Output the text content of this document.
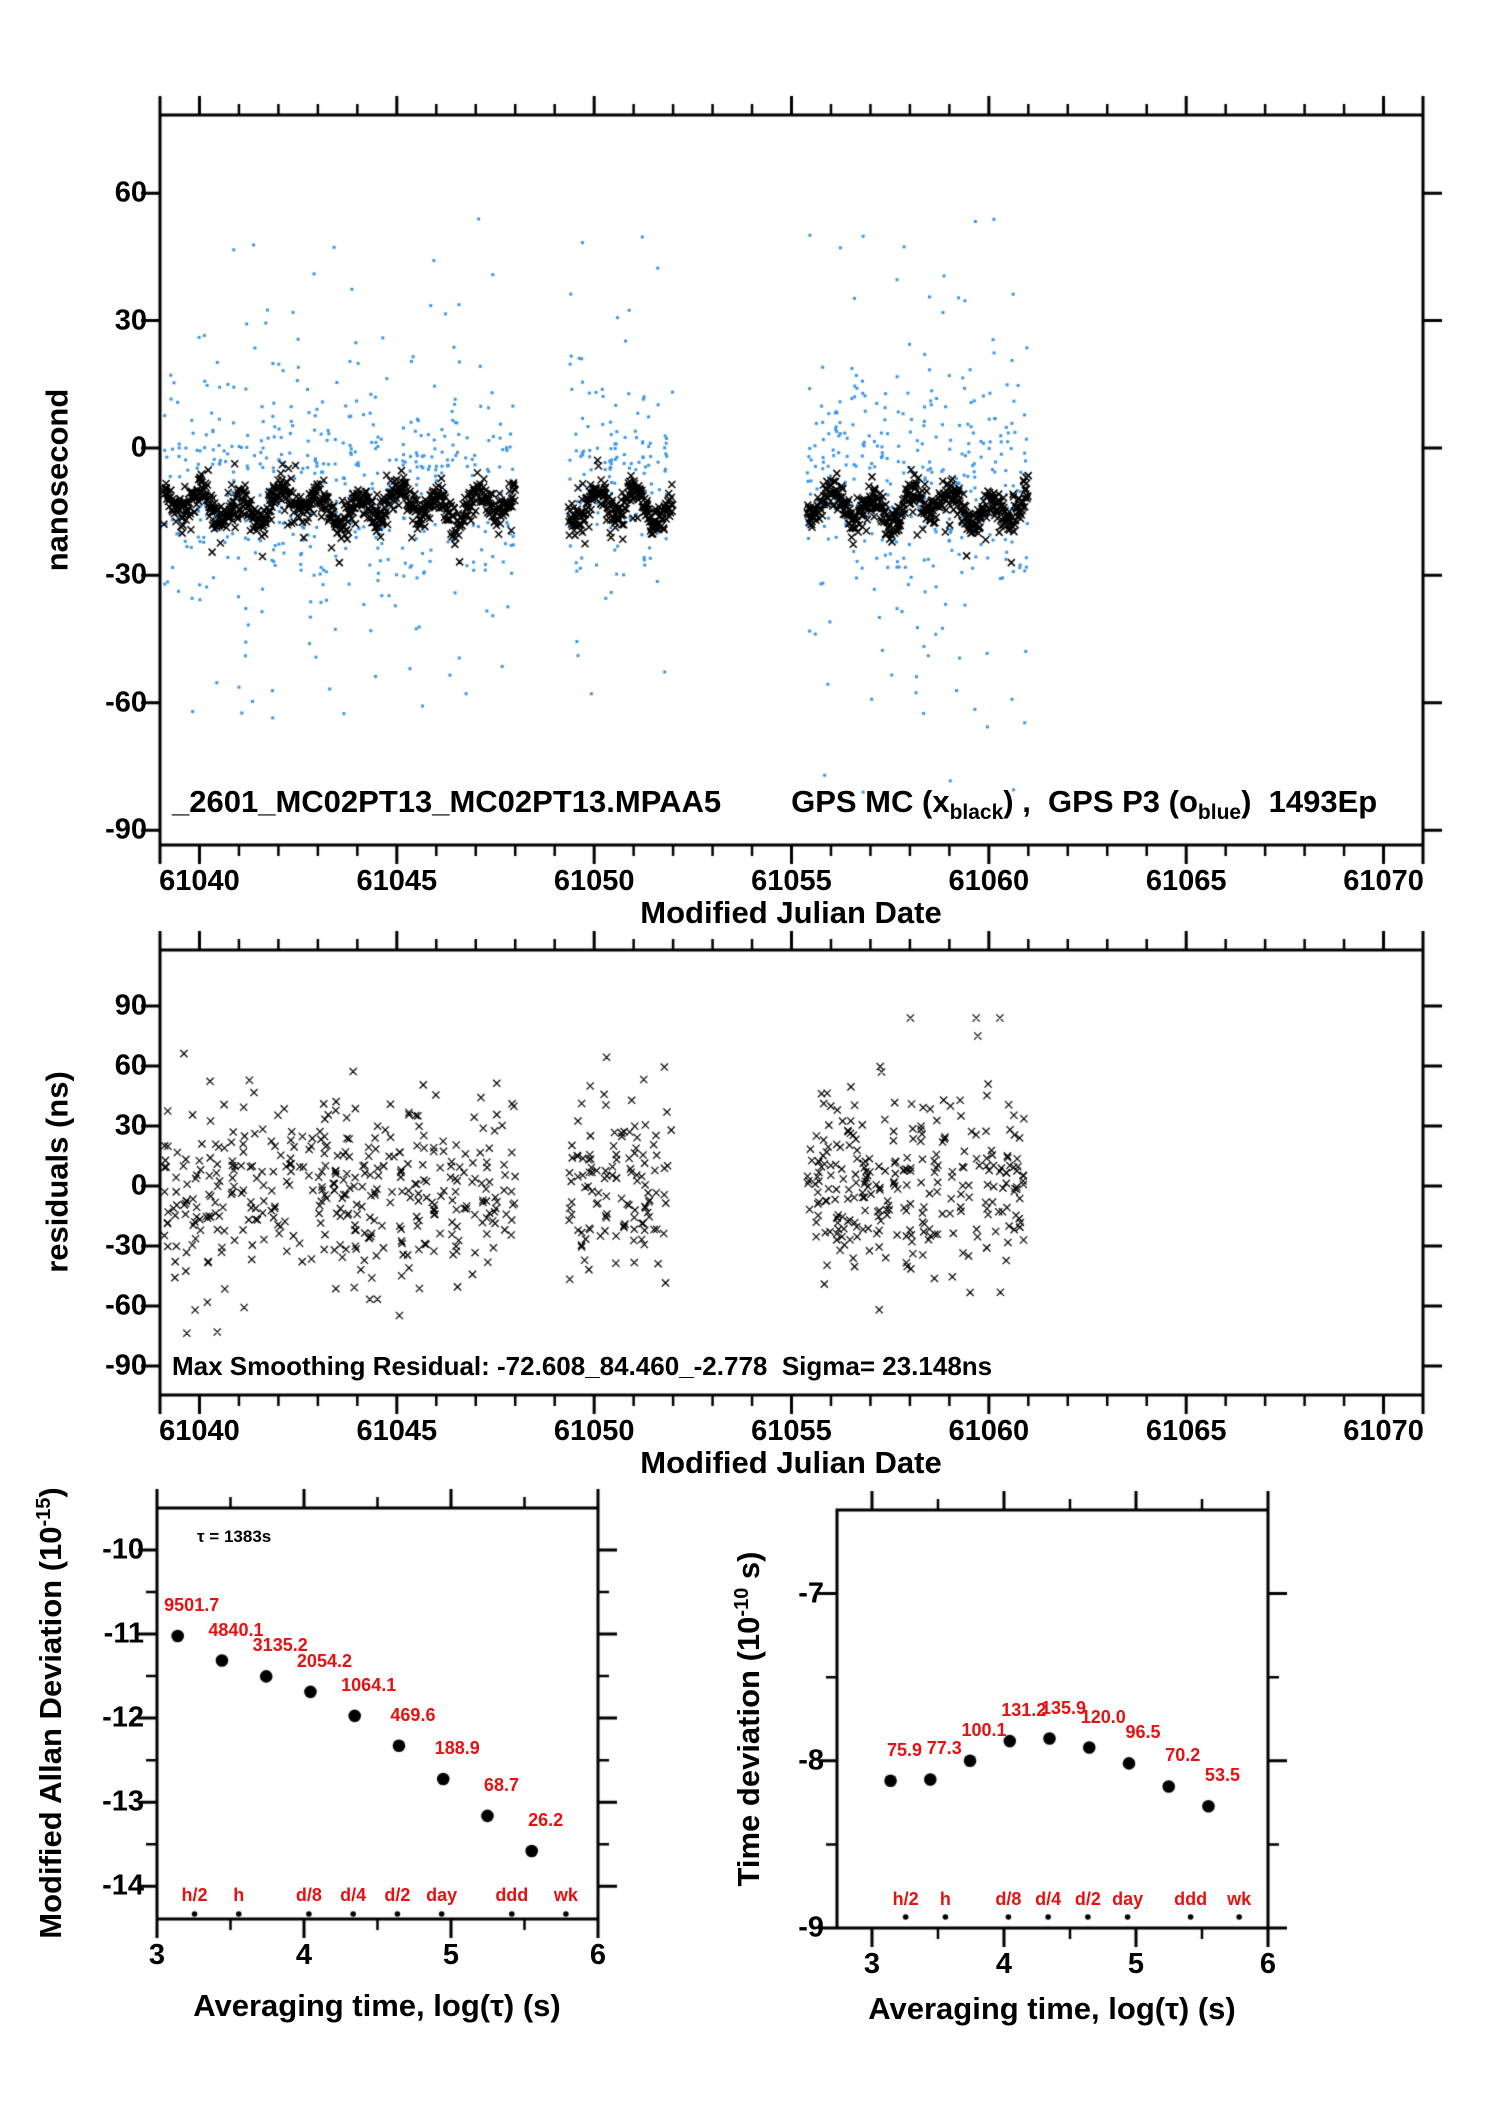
nanosecond
Modified Julian Date
_2601_MC02PT13_MC02PT13.MPAA5 GPS MC $(x_{black})$ ,  GPS P3 $(o_{blue})$  1493Ep
residuals (ns)
Modified Julian Date
Max Smoothing Residual: -72.608_84.460_-2.778  Sigma= 23.148ns
Modified Allan Deviation $(10^{-15})$
Averaging time, log(τ) (s)
τ = 1383s
Time deviation ($10^{-10}$ s)
Averaging time, log(τ) (s)
9501.7
4840.1
3135.2
2054.2
1064.1
469.6
188.9
68.7
26.2
h/2 h	d/8 d/4 d/2 day ddd wk
75.9 77.3
100.1
131.2
135.9
120.0
96.5
70.2
53.5
h/2 h d/8 d/4 d/2 day ddd wk
61040	61045	61050	61055	61060	61065	61070
60
30
0
-30
-60
-90
61040	61045	61050	61055	61060	61065	61070
90
60
30
0
-30
-60
-90
3	4	5	6
-10
-11
-12
-13
-14
3	4	5	6
-7
-8
-9
